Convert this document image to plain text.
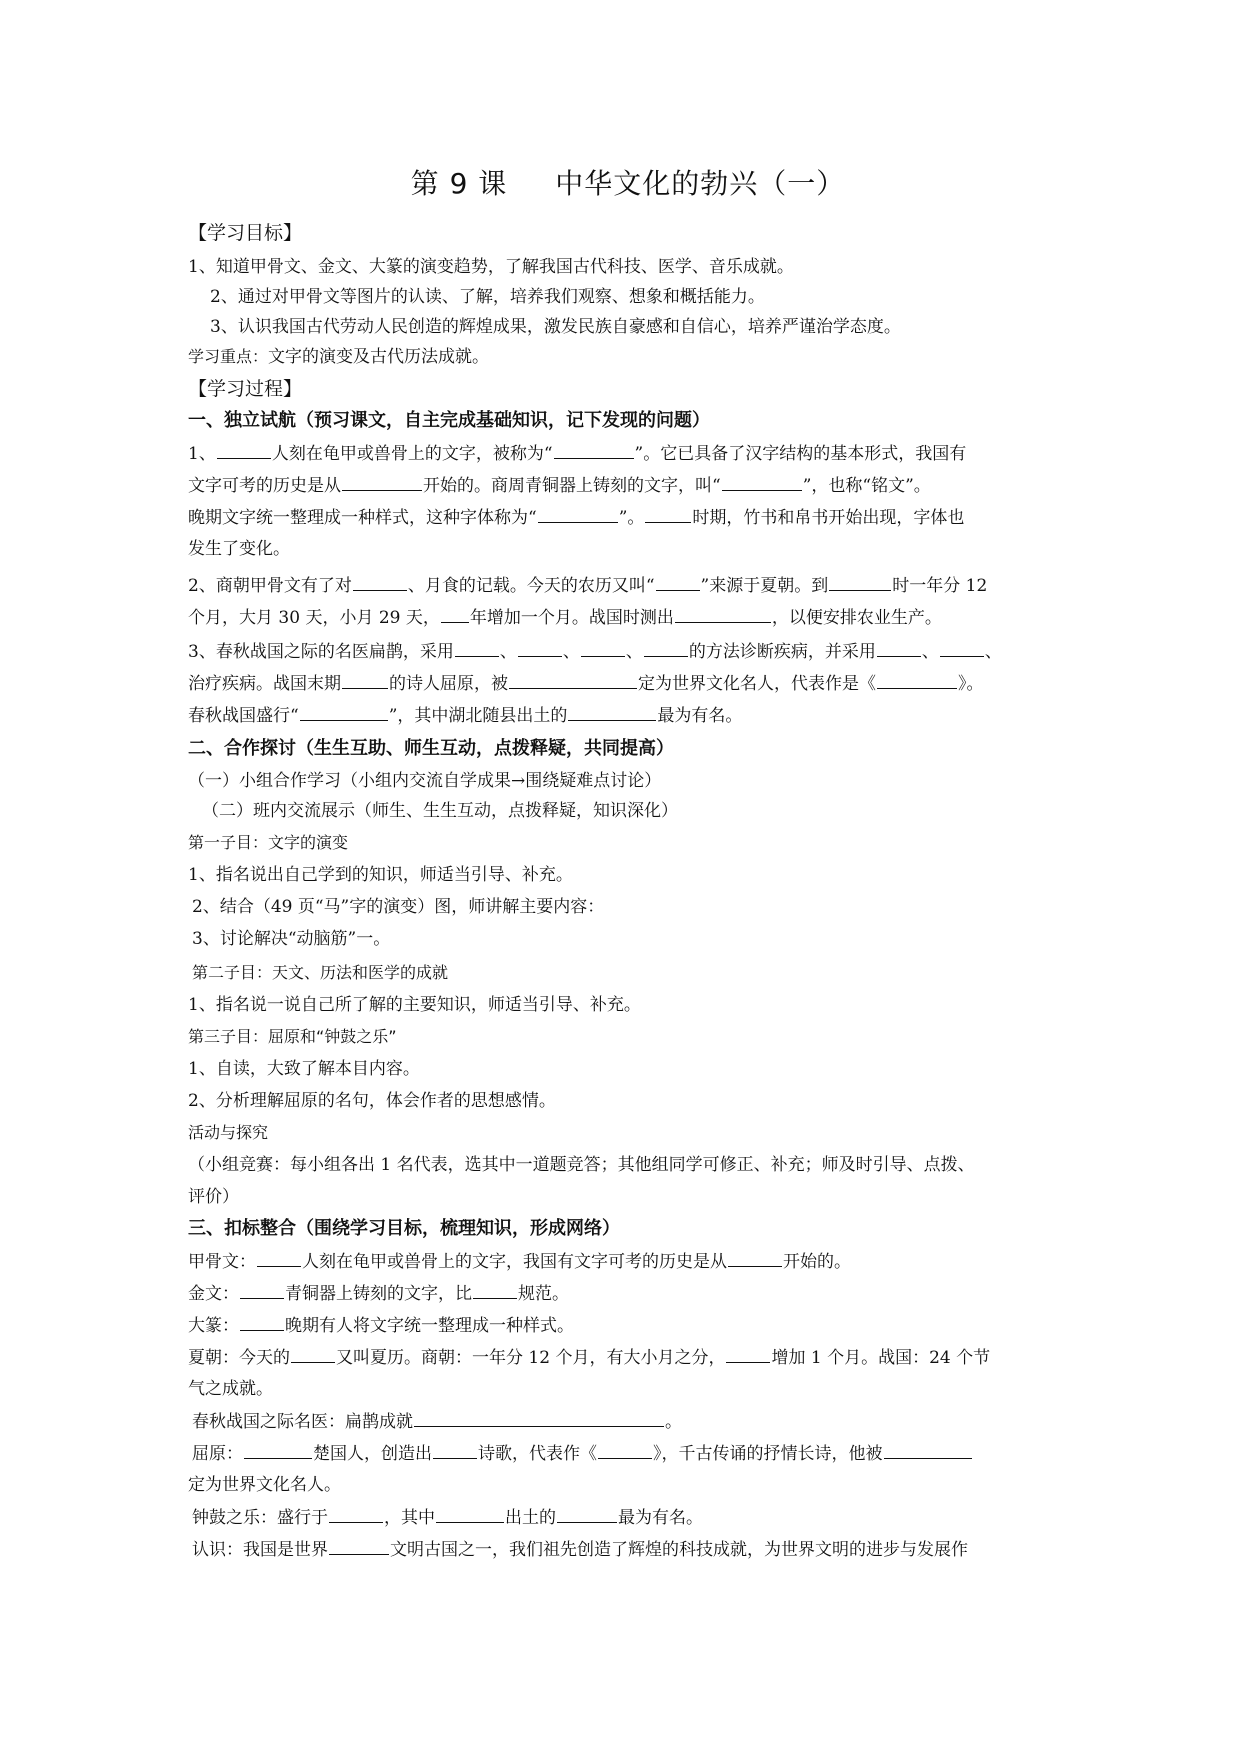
第 9 课 中华文化的勃兴（一）
【学习目标】
1、知道甲骨文、金文、大篆的演变趋势，了解我国古代科技、医学、音乐成就。
2、通过对甲骨文等图片的认读、了解，培养我们观察、想象和概括能力。
3、认识我国古代劳动人民创造的辉煌成果，激发民族自豪感和自信心，培养严谨治学态度。
学习重点：文字的演变及古代历法成就。
【学习过程】
一、独立试航（预习课文，自主完成基础知识，记下发现的问题）
1、	人刻在龟甲或兽骨上的文字，被称为“	”。它已具备了汉字结构的基本形式，我国有
文字可考的历史是从	开始的。商周青铜器上铸刻的文字，叫“	”，也称“铭文”。
晚期文字统一整理成一种样式，这种字体称为“	”。	时期，竹书和帛书开始出现，字体也
发生了变化。
2、商朝甲骨文有了对	、月食的记载。今天的农历又叫“	”来源于夏朝。到	时一年分 12
个月，大月 30 天，小月 29 天， 年增加一个月。战国时测出	，以便安排农业生产。
3、春秋战国之际的名医扁鹊，采用	、	、	、	的方法诊断疾病，并采用	、	、
治疗疾病。战国末期	的诗人屈原，被	定为世界文化名人，代表作是《	》。
春秋战国盛行“	”，其中湖北随县出土的	最为有名。
二、合作探讨（生生互助、师生互动，点拨释疑，共同提高）
（一）小组合作学习（小组内交流自学成果→围绕疑难点讨论）
（二）班内交流展示（师生、生生互动，点拨释疑，知识深化）
第一子目：文字的演变
1、指名说出自己学到的知识，师适当引导、补充。
2、结合（49 页“马”字的演变）图，师讲解主要内容：
3、讨论解决“动脑筋”一。
第二子目：天文、历法和医学的成就
1、指名说一说自己所了解的主要知识，师适当引导、补充。
第三子目：屈原和“钟鼓之乐”
1、自读，大致了解本目内容。
2、分析理解屈原的名句，体会作者的思想感情。
活动与探究
（小组竞赛：每小组各出 1 名代表，选其中一道题竞答；其他组同学可修正、补充；师及时引导、点拨、
评价）
三、扣标整合（围绕学习目标，梳理知识，形成网络）
甲骨文：	人刻在龟甲或兽骨上的文字，我国有文字可考的历史是从	开始的。
金文：	青铜器上铸刻的文字，比	规范。
大篆：	晚期有人将文字统一整理成一种样式。
夏朝：今天的	又叫夏历。商朝：一年分 12 个月，有大小月之分，	增加 1 个月。战国：24 个节
气之成就。
春秋战国之际名医：扁鹊成就	。
屈原：	楚国人，创造出	诗歌，代表作《	》，千古传诵的抒情长诗，他被
定为世界文化名人。
钟鼓之乐：盛行于	，其中	出土的	最为有名。
认识：我国是世界	文明古国之一，我们祖先创造了辉煌的科技成就，为世界文明的进步与发展作
